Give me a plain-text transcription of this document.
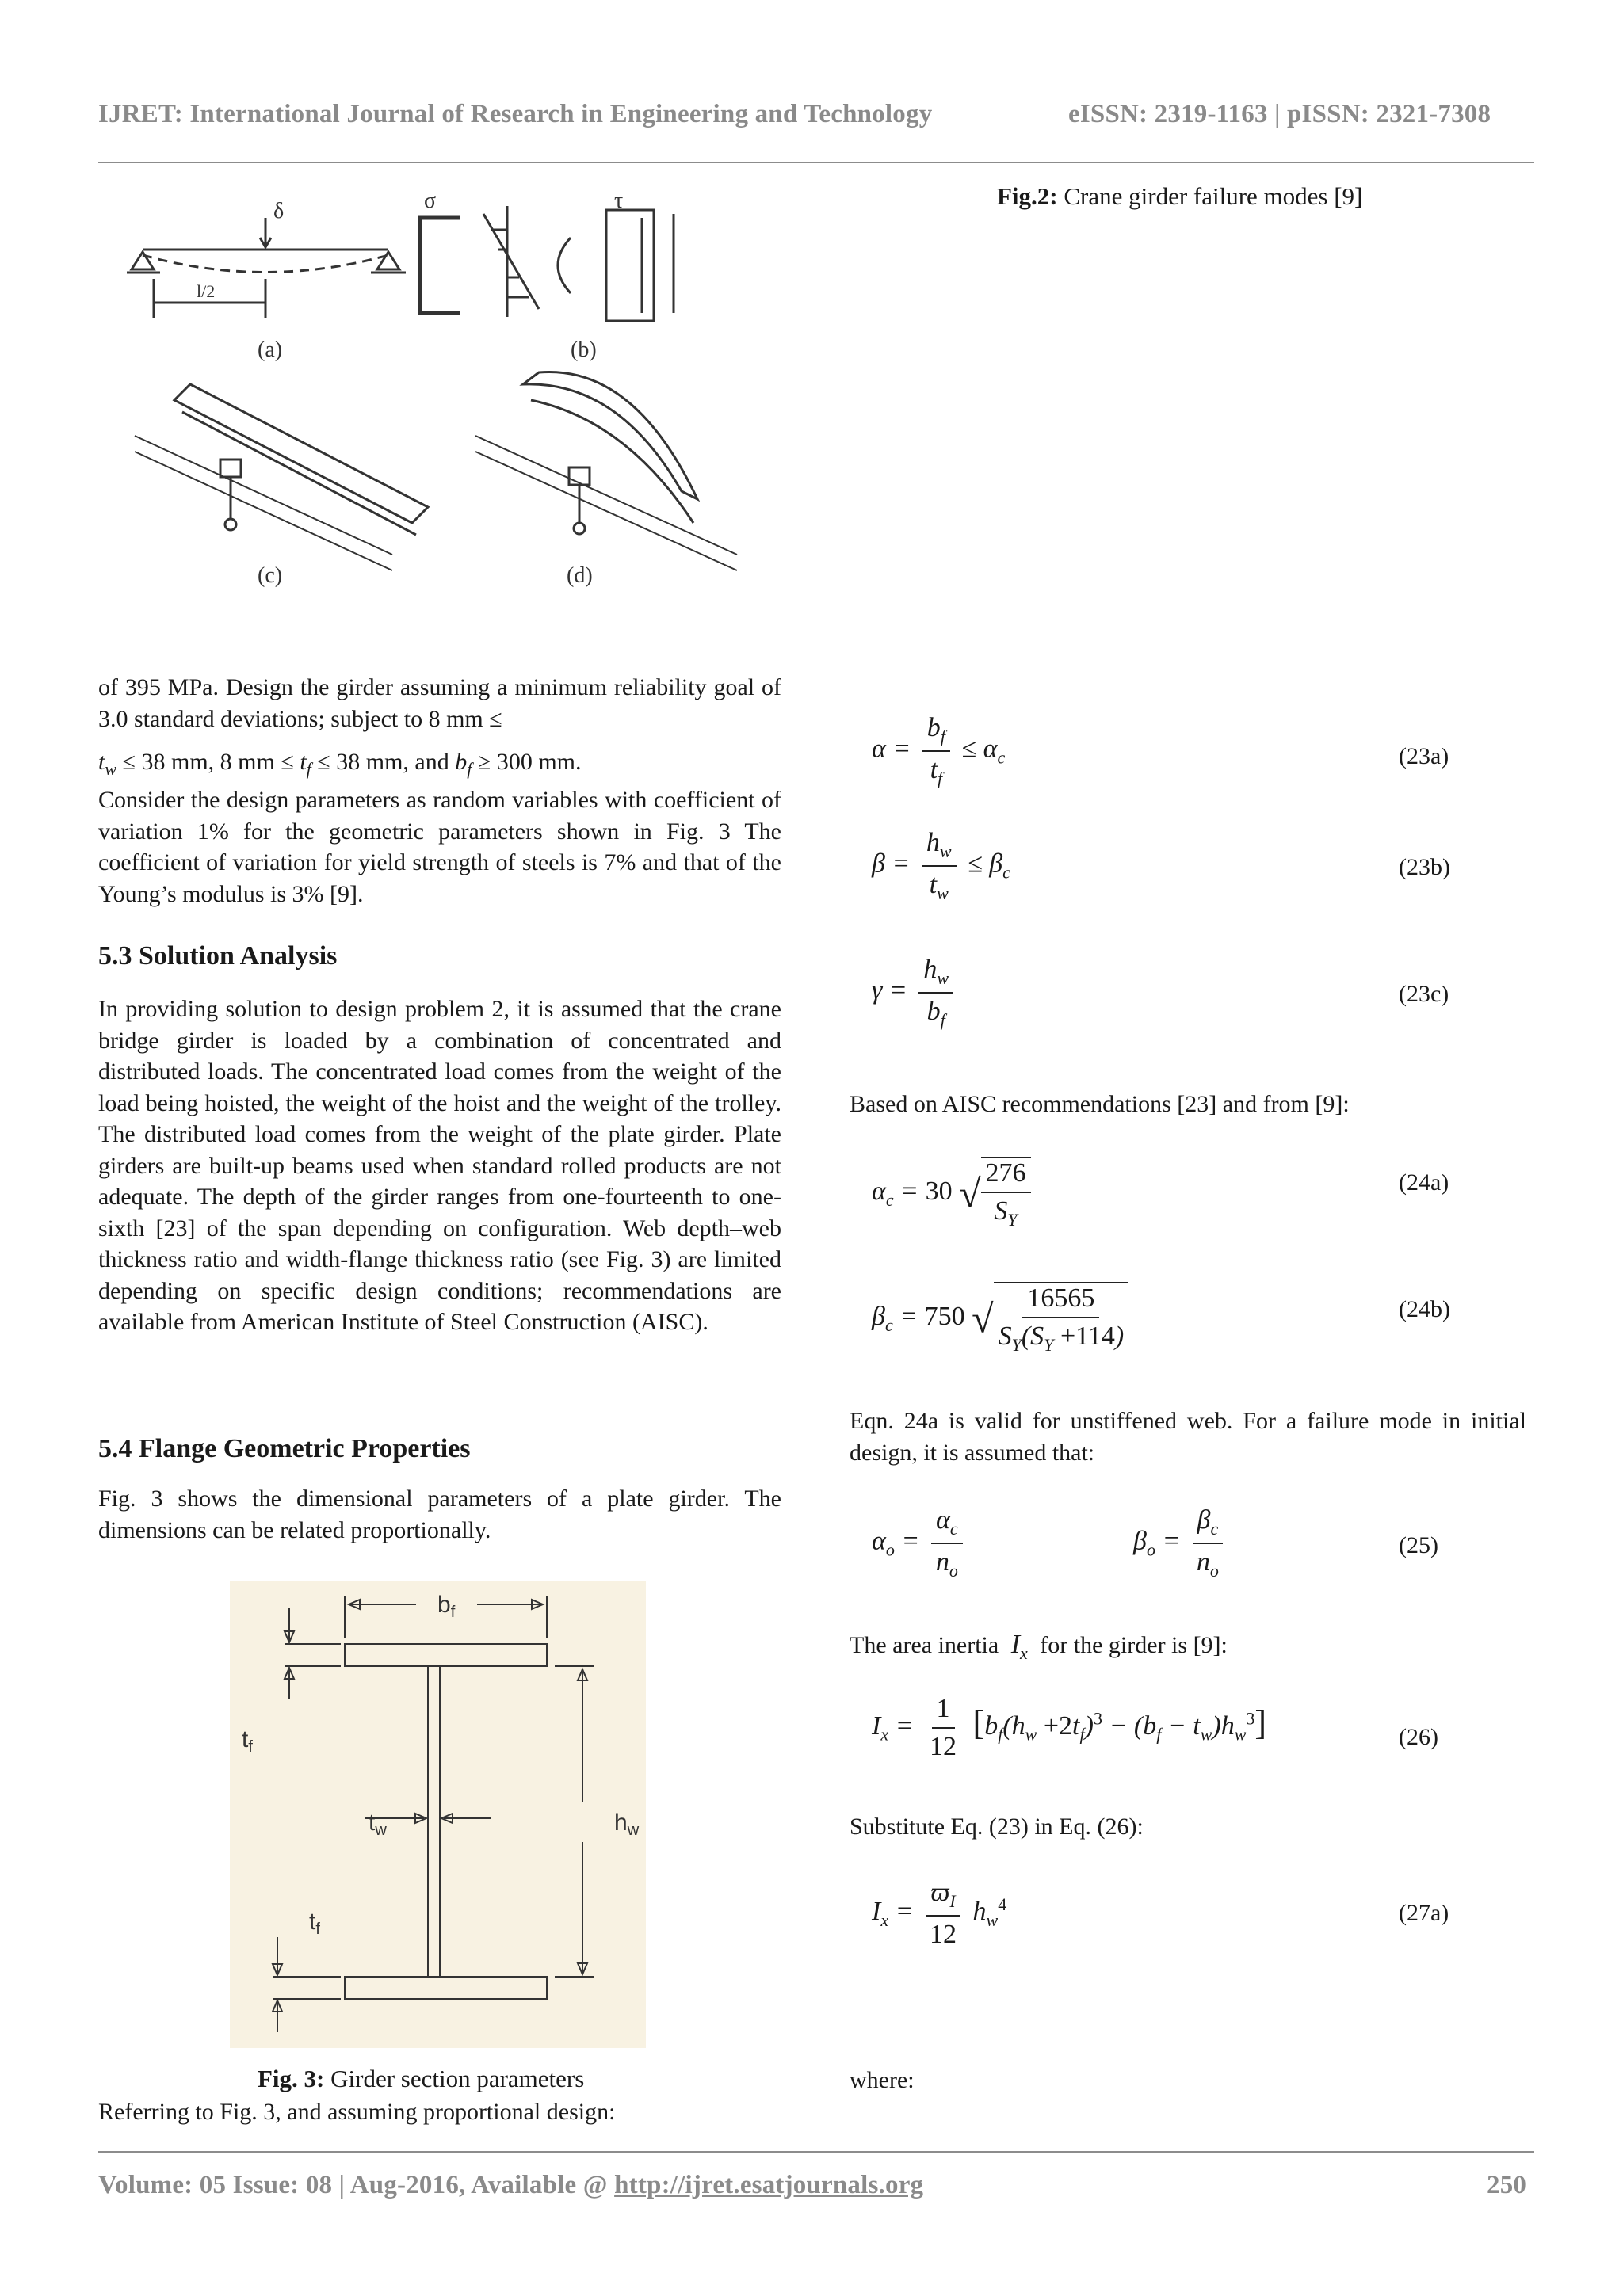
IJRET: International Journal of Research in Engineering and Technology	eISSN: 2319-1163 | pISSN: 2321-7308
Fig.2: Crane girder failure modes [9]
δ
l/2
σ	τ
(a)	(b)
(c)	(d)
of 395 MPa. Design the girder assuming a minimum reliability goal of 3.0 standard deviations; subject to 8 mm ≤
$t_w \le 38$ mm, 8 mm ≤ $t_f \le 38$ mm, and $b_f \ge 300$ mm.
Consider the design parameters as random variables with coefficient of variation 1% for the geometric parameters shown in Fig. 3 The coefficient of variation for yield strength of steels is 7% and that of the Young’s modulus is 3% [9].
5.3 Solution Analysis
In providing solution to design problem 2, it is assumed that the crane bridge girder is loaded by a combination of concentrated and distributed loads. The concentrated load comes from the weight of the load being hoisted, the weight of the hoist and the weight of the trolley. The distributed load comes from the weight of the plate girder. Plate girders are built-up beams used when standard rolled products are not adequate. The depth of the girder ranges from one-fourteenth to one-sixth [23] of the span depending on configuration. Web depth–web thickness ratio and width-flange thickness ratio (see Fig. 3) are limited depending on specific design conditions; recommendations are available from American Institute of Steel Construction (AISC).
5.4 Flange Geometric Properties
Fig. 3 shows the dimensional parameters of a plate girder. The dimensions can be related proportionally.
$b_f$
$t_f$
$t_w$	$h_w$
$t_f$
Fig. 3: Girder section parameters
Referring to Fig. 3, and assuming proportional design:
$\alpha = \frac{b_f}{t_f} \le \alpha_c$	(23a)
$\beta = \frac{h_w}{t_w} \le \beta_c$	(23b)
$\gamma = \frac{h_w}{b_f}$	(23c)
Based on AISC recommendations [23] and from [9]:
$\alpha_c = 30$ √ $\frac{276}{S_Y}$	(24a)
$\beta_c = 750$ √ $\frac{16565}{S_Y(S_Y +114)}$	(24b)
Eqn. 24a is valid for unstiffened web. For a failure mode in initial design, it is assumed that:
$\alpha_o = \frac{\alpha_c}{n_o}$	$\beta_o = \frac{\beta_c}{n_o}$	(25)
The area inertia $I_x$ for the girder is [9]:
$I_x = \frac{1}{12} [b_f(h_w +2t_f)^3 - (b_f - t_w)h_w^3]$	(26)
Substitute Eq. (23) in Eq. (26):
$I_x = \frac{ϖ_I}{12} h_w^4$	(27a)
where:
Volume: 05 Issue: 08 | Aug-2016, Available @ http://ijret.esatjournals.org	250
